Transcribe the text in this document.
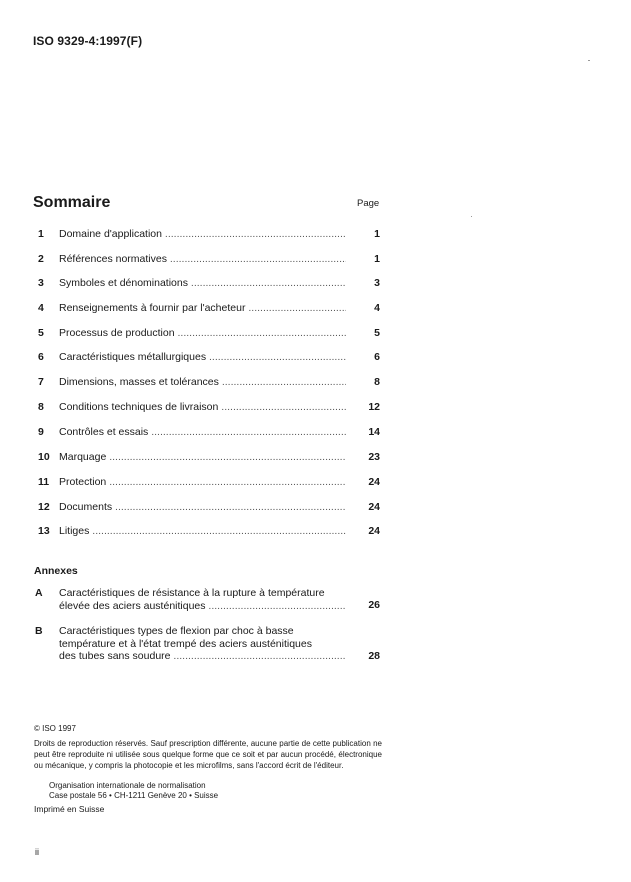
ISO 9329-4:1997(F)
Sommaire	Page
1 Domaine d'application .....	1
2 Références normatives .....	1
3 Symboles et dénominations .....	3
4 Renseignements à fournir par l'acheteur .....	4
5 Processus de production .....	5
6 Caractéristiques métallurgiques .....	6
7 Dimensions, masses et tolérances .....	8
8 Conditions techniques de livraison .....	12
9 Contrôles et essais .....	14
10 Marquage .....	23
11 Protection .....	24
12 Documents .....	24
13 Litiges .....	24
Annexes
A Caractéristiques de résistance à la rupture à température
élevée des aciers austénitiques .....	26
B Caractéristiques types de flexion par choc à basse
température et à l'état trempé des aciers austénitiques
des tubes sans soudure .....	28
© ISO 1997
Droits de reproduction réservés. Sauf prescription différente, aucune partie de cette publication ne peut être reproduite ni utilisée sous quelque forme que ce soit et par aucun procédé, électronique ou mécanique, y compris la photocopie et les microfilms, sans l'accord écrit de l'éditeur.
Organisation internationale de normalisation
Case postale 56 • CH-1211 Genève 20 • Suisse
Imprimé en Suisse
ii
